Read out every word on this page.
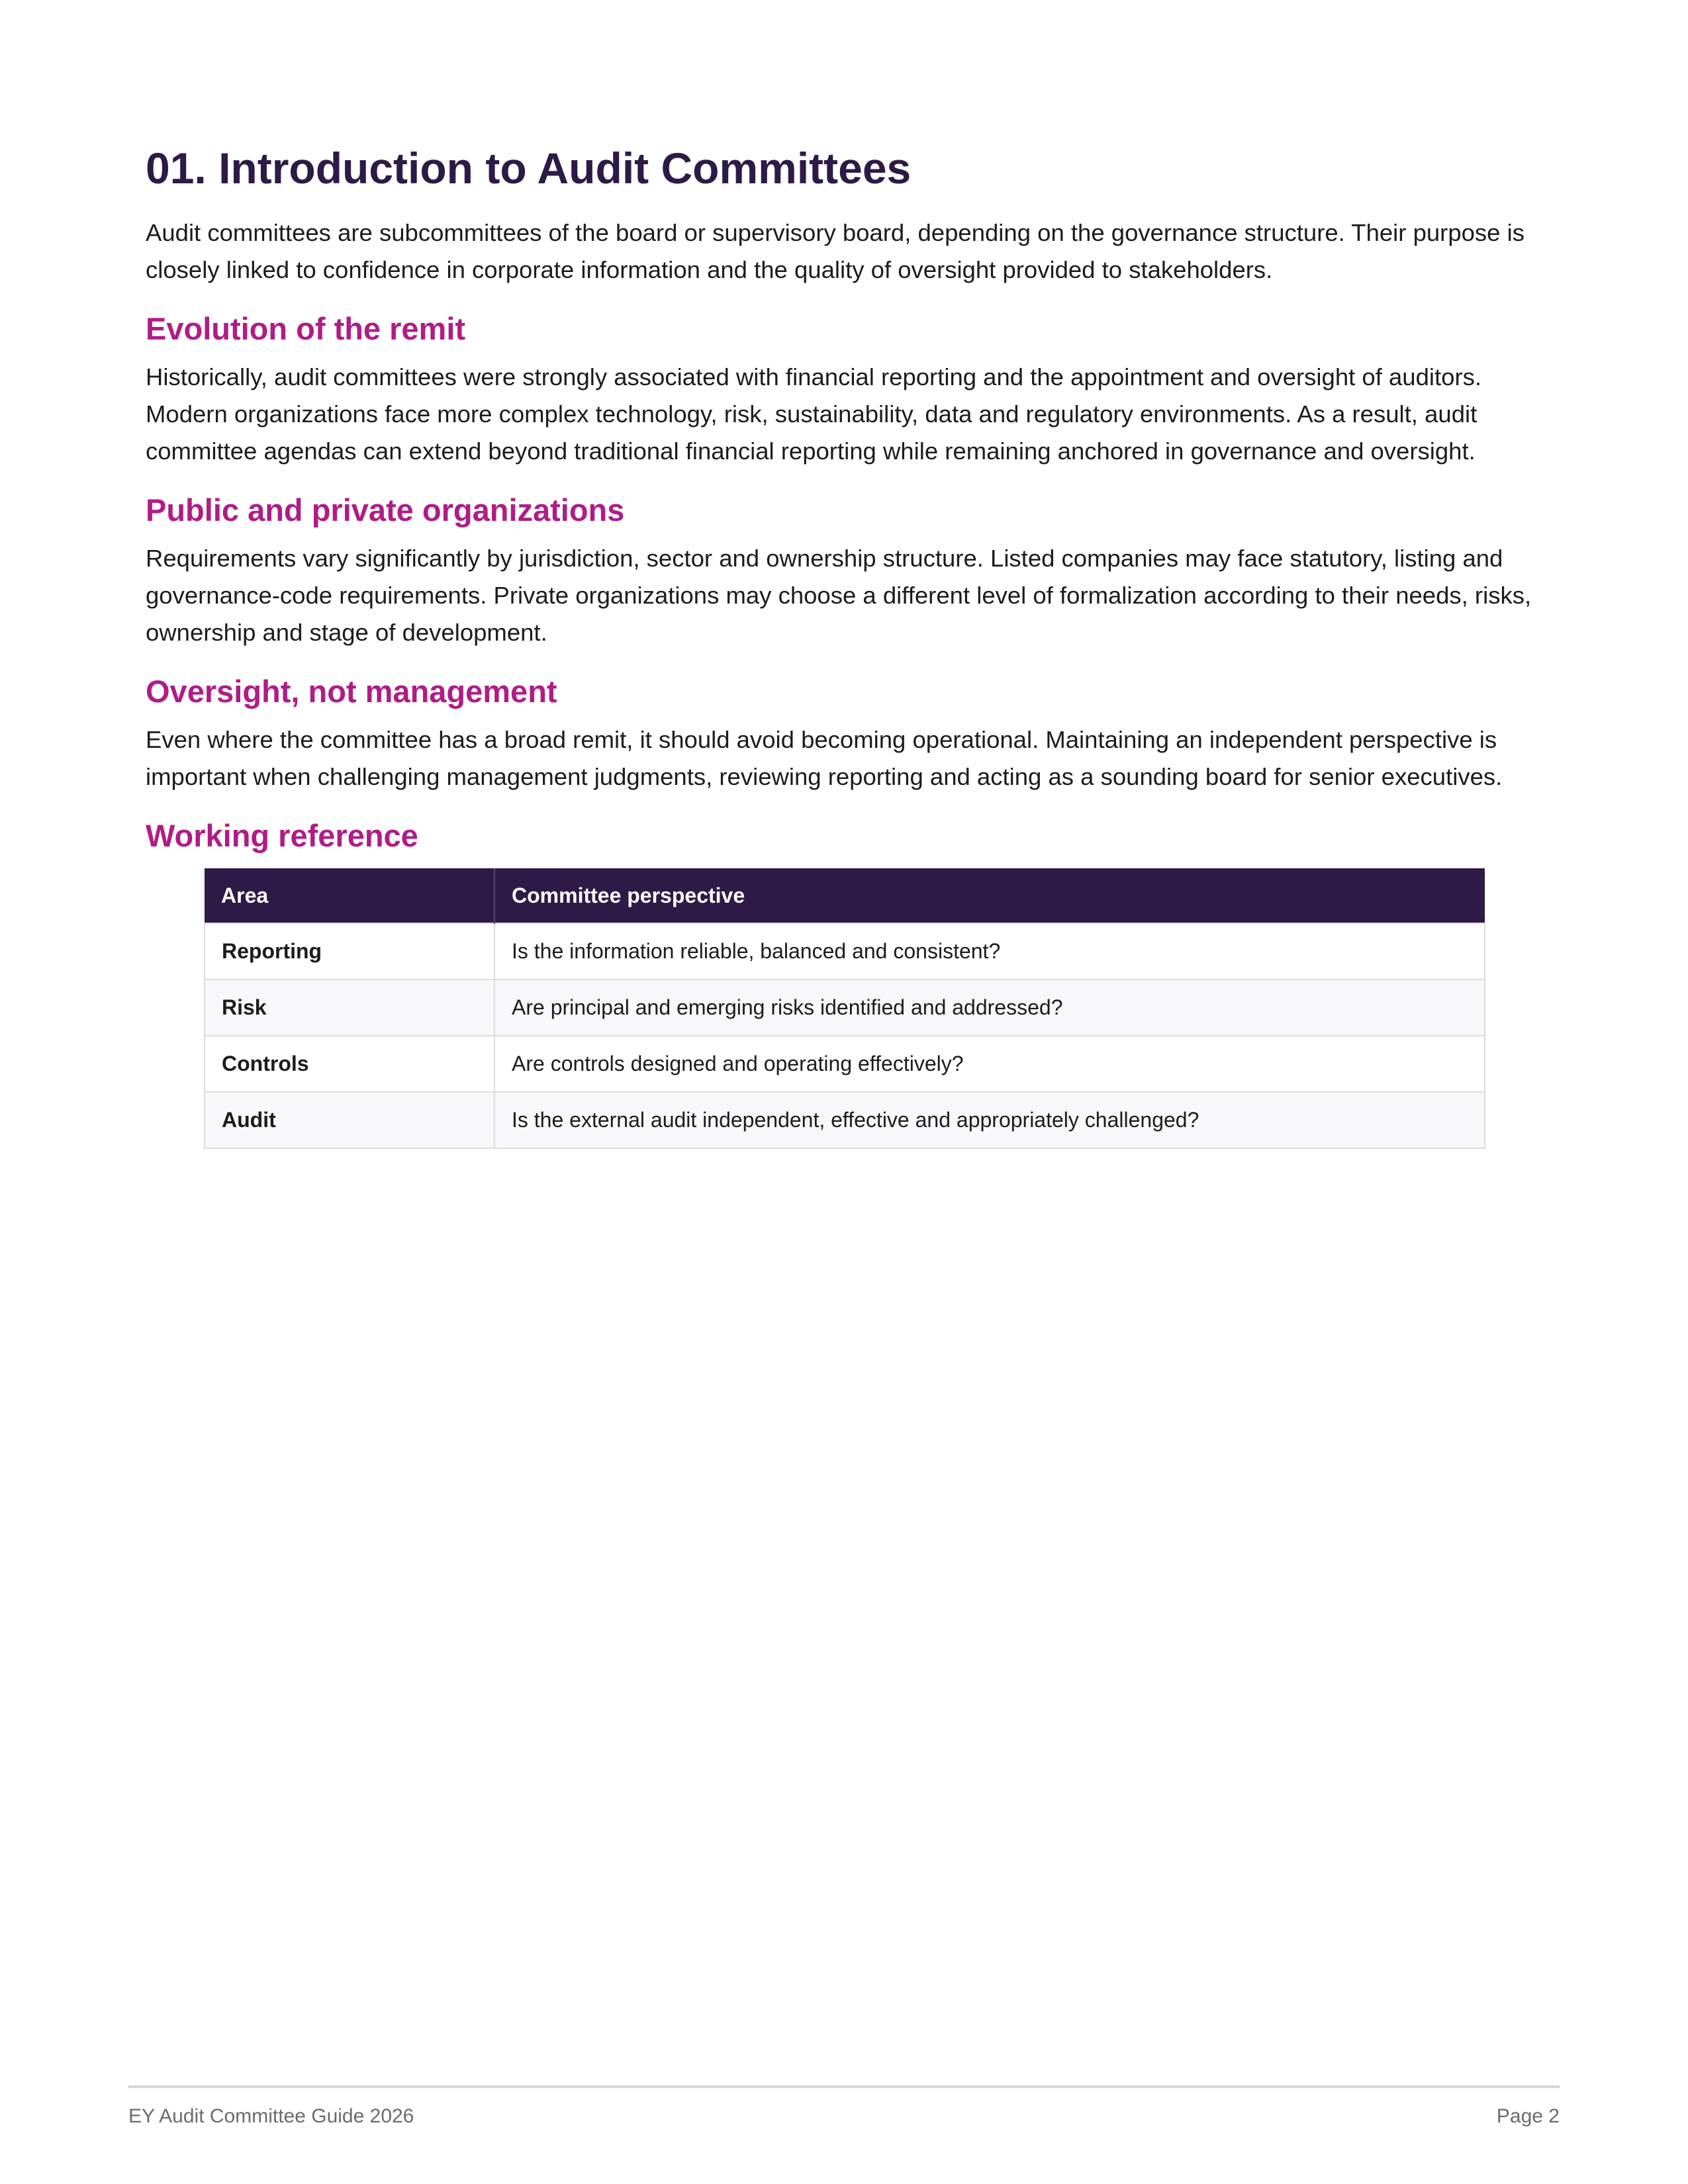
01. Introduction to Audit Committees

Audit committees are subcommittees of the board or supervisory board, depending on the governance structure. Their purpose is closely linked to confidence in corporate information and the quality of oversight provided to stakeholders.

Evolution of the remit

Historically, audit committees were strongly associated with financial reporting and the appointment and oversight of auditors. Modern organizations face more complex technology, risk, sustainability, data and regulatory environments. As a result, audit committee agendas can extend beyond traditional financial reporting while remaining anchored in governance and oversight.

Public and private organizations

Requirements vary significantly by jurisdiction, sector and ownership structure. Listed companies may face statutory, listing and governance-code requirements. Private organizations may choose a different level of formalization according to their needs, risks, ownership and stage of development.

Oversight, not management

Even where the committee has a broad remit, it should avoid becoming operational. Maintaining an independent perspective is important when challenging management judgments, reviewing reporting and acting as a sounding board for senior executives.

Working reference
Area	Committee perspective
Reporting	Is the information reliable, balanced and consistent?
Risk	Are principal and emerging risks identified and addressed?
Controls	Are controls designed and operating effectively?
Audit	Is the external audit independent, effective and appropriately challenged?
EY Audit Committee Guide 2026	Page 2
